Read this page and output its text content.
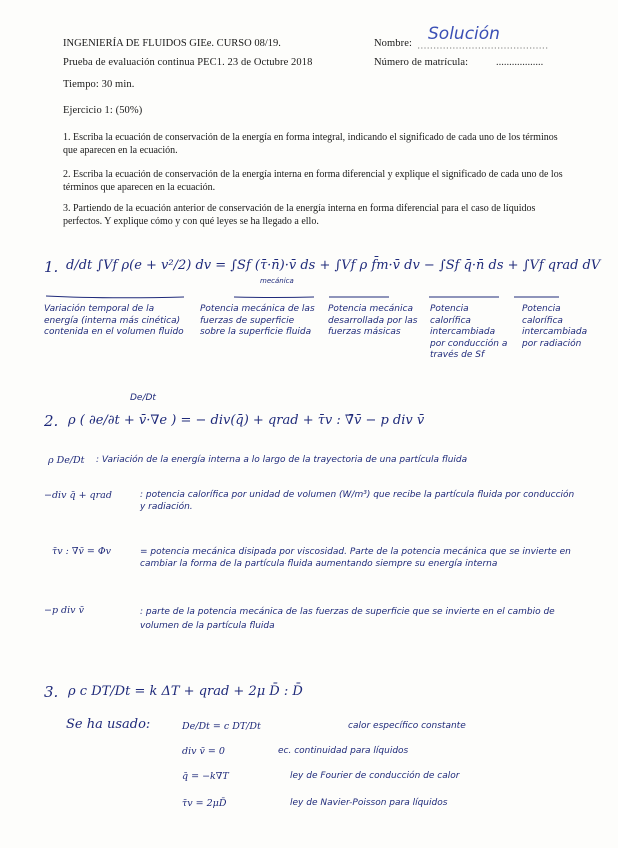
INGENIERÍA DE FLUIDOS GIEe. CURSO 08/19.	Nombre: Solución
Prueba de evaluación continua PEC1. 23 de Octubre 2018	Número de matrícula:	..................
Tiempo: 30 min.
Ejercicio 1: (50%)
1. Escriba la ecuación de conservación de la energía en forma integral, indicando el significado de cada uno de los términos que aparecen en la ecuación.
2. Escriba la ecuación de conservación de la energía interna en forma diferencial y explique el significado de cada uno de los términos que aparecen en la ecuación.
3. Partiendo de la ecuación anterior de conservación de la energía interna en forma diferencial para el caso de líquidos perfectos. Y explique cómo y con qué leyes se ha llegado a ello.
1. d/dt ∫Vf ρ(e + v²/2) dv = ∫Sf (τ̄·n̄)·v̄ ds + ∫Vf ρ f̄m·v̄ dv − ∫Sf q̄·n̄ ds + ∫Vf qrad dV
mecánica
Variación temporal de la energía (interna más cinética) contenida en el volumen fluido
Potencia mecánica de las fuerzas de superficie sobre la superficie fluida
Potencia mecánica desarrollada por las fuerzas másicas
Potencia calorífica intercambiada por conducción a través de Sf
Potencia calorífica intercambiada por radiación
De/Dt
2. ρ ( ∂e/∂t + v̄·∇e ) = − div(q̄) + qrad + τ̄v : ∇̄v̄ − p div v̄
ρ De/Dt : Variación de la energía interna a lo largo de la trayectoria de una partícula fluida
−div q̄ + qrad	: potencia calorífica por unidad de volumen (W/m³) que recibe la partícula fluida por conducción y radiación.
τ̄v : ∇̄v̄ = Φv	= potencia mecánica disipada por viscosidad. Parte de la potencia mecánica que se invierte en cambiar la forma de la partícula fluida aumentando siempre su energía interna
−p div v̄	: parte de la potencia mecánica de las fuerzas de superficie que se invierte en el cambio de volumen de la partícula fluida
3. ρ c DT/Dt = k ΔT + qrad + 2μ D̄ : D̄
Se ha usado:	De/Dt = c DT/Dt	calor específico constante
div v̄ = 0	ec. continuidad para líquidos
q̄ = −k∇T	ley de Fourier de conducción de calor
τ̄v = 2μD̄	ley de Navier-Poisson para líquidos
